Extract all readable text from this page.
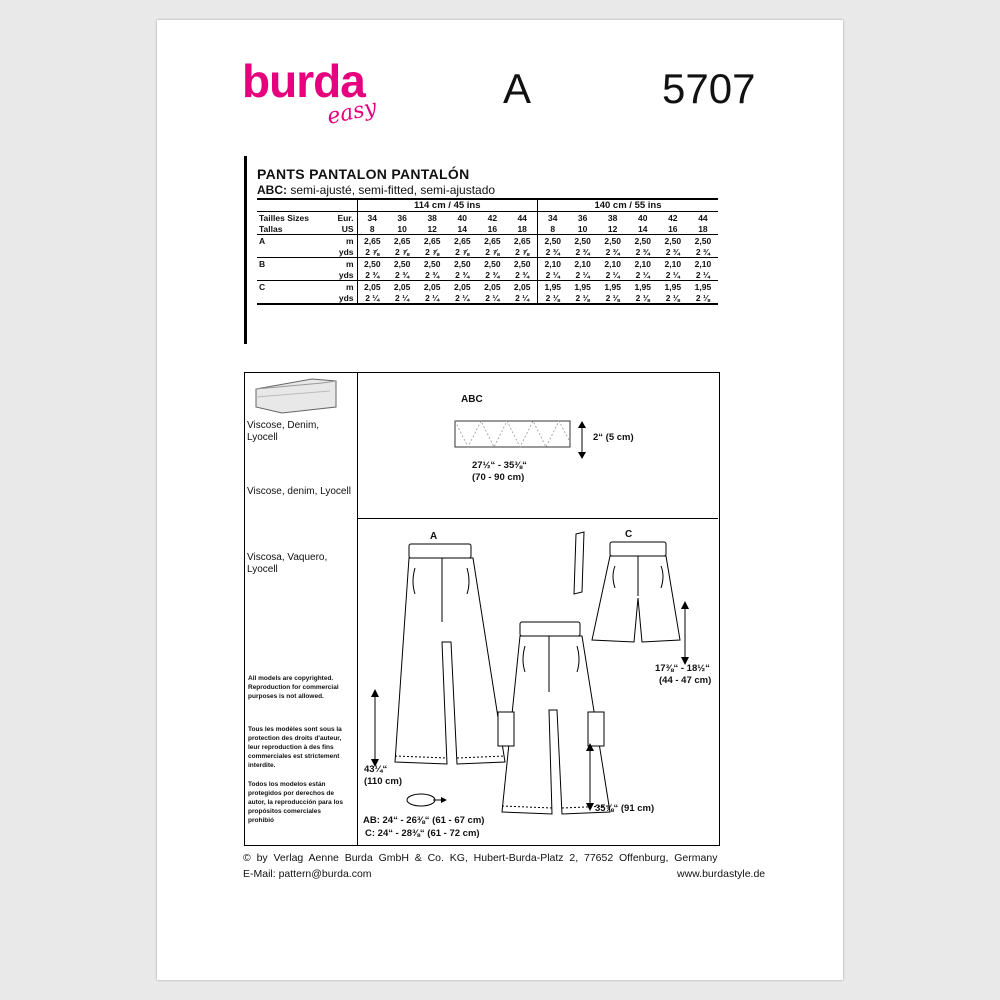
burda
easy
A	5707
PANTS PANTALON PANTALÓN
ABC: semi-ajusté, semi-fitted, semi-ajustado
		114 cm / 45 ins						140 cm / 55 ins					
Tailles Sizes	Eur.	34	36	38	40	42	44	34	36	38	40	42	44
Tallas	US	8	10	12	14	16	18	8	10	12	14	16	18
A	m	2,65	2,65	2,65	2,65	2,65	2,65	2,50	2,50	2,50	2,50	2,50	2,50
	yds	2 ⅞	2 ⅞	2 ⅞	2 ⅞	2 ⅞	2 ⅞	2 ¾	2 ¾	2 ¾	2 ¾	2 ¾	2 ¾
B	m	2,50	2,50	2,50	2,50	2,50	2,50	2,10	2,10	2,10	2,10	2,10	2,10
	yds	2 ¾	2 ¾	2 ¾	2 ¾	2 ¾	2 ¾	2 ¼	2 ¼	2 ¼	2 ¼	2 ¼	2 ¼
C	m	2,05	2,05	2,05	2,05	2,05	2,05	1,95	1,95	1,95	1,95	1,95	1,95
	yds	2 ¼	2 ¼	2 ¼	2 ¼	2 ¼	2 ¼	2 ⅛	2 ⅛	2 ⅛	2 ⅛	2 ⅛	2 ⅛
Viscose, Denim, Lyocell
Viscose, denim, Lyocell
Viscosa, Vaquero, Lyocell
All models are copyrighted. Reproduction for commercial purposes is not allowed.
Tous les modèles sont sous la protection des droits d'auteur, leur reproduction à des fins commerciales est strictement interdite.
Todos los modelos están protegidos por derechos de autor, la reproducción para los propósitos comerciales prohibió
ABC
2“ (5 cm)
27½“ - 35⅜“
(70 - 90 cm)
A
43¼“
(110 cm)
35⅞“ (91 cm)
C
17⅜“ - 18½“
(44 - 47 cm)
AB: 24“ - 26⅜“ (61 - 67 cm)
C: 24“ - 28⅜“ (61 - 72 cm)
©  by  Verlag  Aenne  Burda  GmbH  &  Co.  KG,  Hubert-Burda-Platz  2,  77652  Offenburg,  Germany
E-Mail: pattern@burda.com	www.burdastyle.de
